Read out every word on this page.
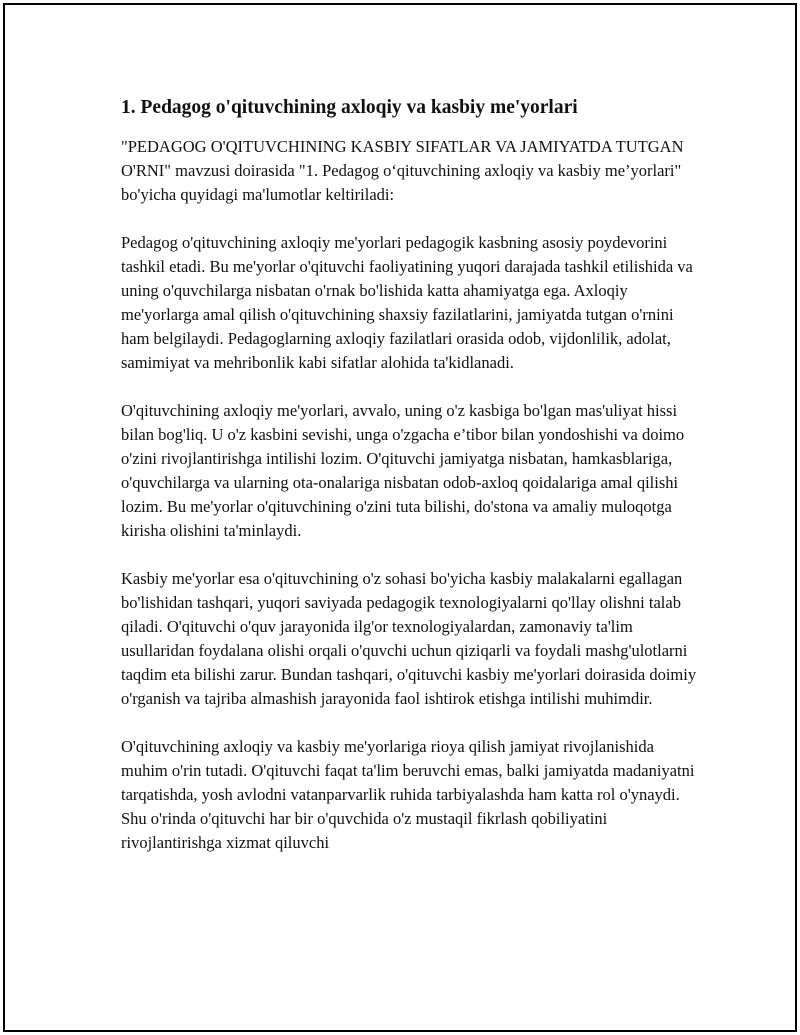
1. Pedagog o'qituvchining axloqiy va kasbiy me'yorlari

"PEDAGOG O'QITUVCHINING KASBIY SIFATLAR VA JAMIYATDA TUTGAN O'RNI" mavzusi doirasida "1. Pedagog o‘qituvchining axloqiy va kasbiy me’yorlari" bo'yicha quyidagi ma'lumotlar keltiriladi:

Pedagog o'qituvchining axloqiy me'yorlari pedagogik kasbning asosiy poydevorini tashkil etadi. Bu me'yorlar o'qituvchi faoliyatining yuqori darajada tashkil etilishida va uning o'quvchilarga nisbatan o'rnak bo'lishida katta ahamiyatga ega. Axloqiy me'yorlarga amal qilish o'qituvchining shaxsiy fazilatlarini, jamiyatda tutgan o'rnini ham belgilaydi. Pedagoglarning axloqiy fazilatlari orasida odob, vijdonlilik, adolat, samimiyat va mehribonlik kabi sifatlar alohida ta'kidlanadi.

O'qituvchining axloqiy me'yorlari, avvalo, uning o'z kasbiga bo'lgan mas'uliyat hissi bilan bog'liq. U o'z kasbini sevishi, unga o'zgacha e’tibor bilan yondoshishi va doimo o'zini rivojlantirishga intilishi lozim. O'qituvchi jamiyatga nisbatan, hamkasblariga, o'quvchilarga va ularning ota-onalariga nisbatan odob-axloq qoidalariga amal qilishi lozim. Bu me'yorlar o'qituvchining o'zini tuta bilishi, do'stona va amaliy muloqotga kirisha olishini ta'minlaydi.

Kasbiy me'yorlar esa o'qituvchining o'z sohasi bo'yicha kasbiy malakalarni egallagan bo'lishidan tashqari, yuqori saviyada pedagogik texnologiyalarni qo'llay olishni talab qiladi. O'qituvchi o'quv jarayonida ilg'or texnologiyalardan, zamonaviy ta'lim usullaridan foydalana olishi orqali o'quvchi uchun qiziqarli va foydali mashg'ulotlarni taqdim eta bilishi zarur. Bundan tashqari, o'qituvchi kasbiy me'yorlari doirasida doimiy o'rganish va tajriba almashish jarayonida faol ishtirok etishga intilishi muhimdir.

O'qituvchining axloqiy va kasbiy me'yorlariga rioya qilish jamiyat rivojlanishida muhim o'rin tutadi. O'qituvchi faqat ta'lim beruvchi emas, balki jamiyatda madaniyatni tarqatishda, yosh avlodni vatanparvarlik ruhida tarbiyalashda ham katta rol o'ynaydi. Shu o'rinda o'qituvchi har bir o'quvchida o'z mustaqil fikrlash qobiliyatini rivojlantirishga xizmat qiluvchi
